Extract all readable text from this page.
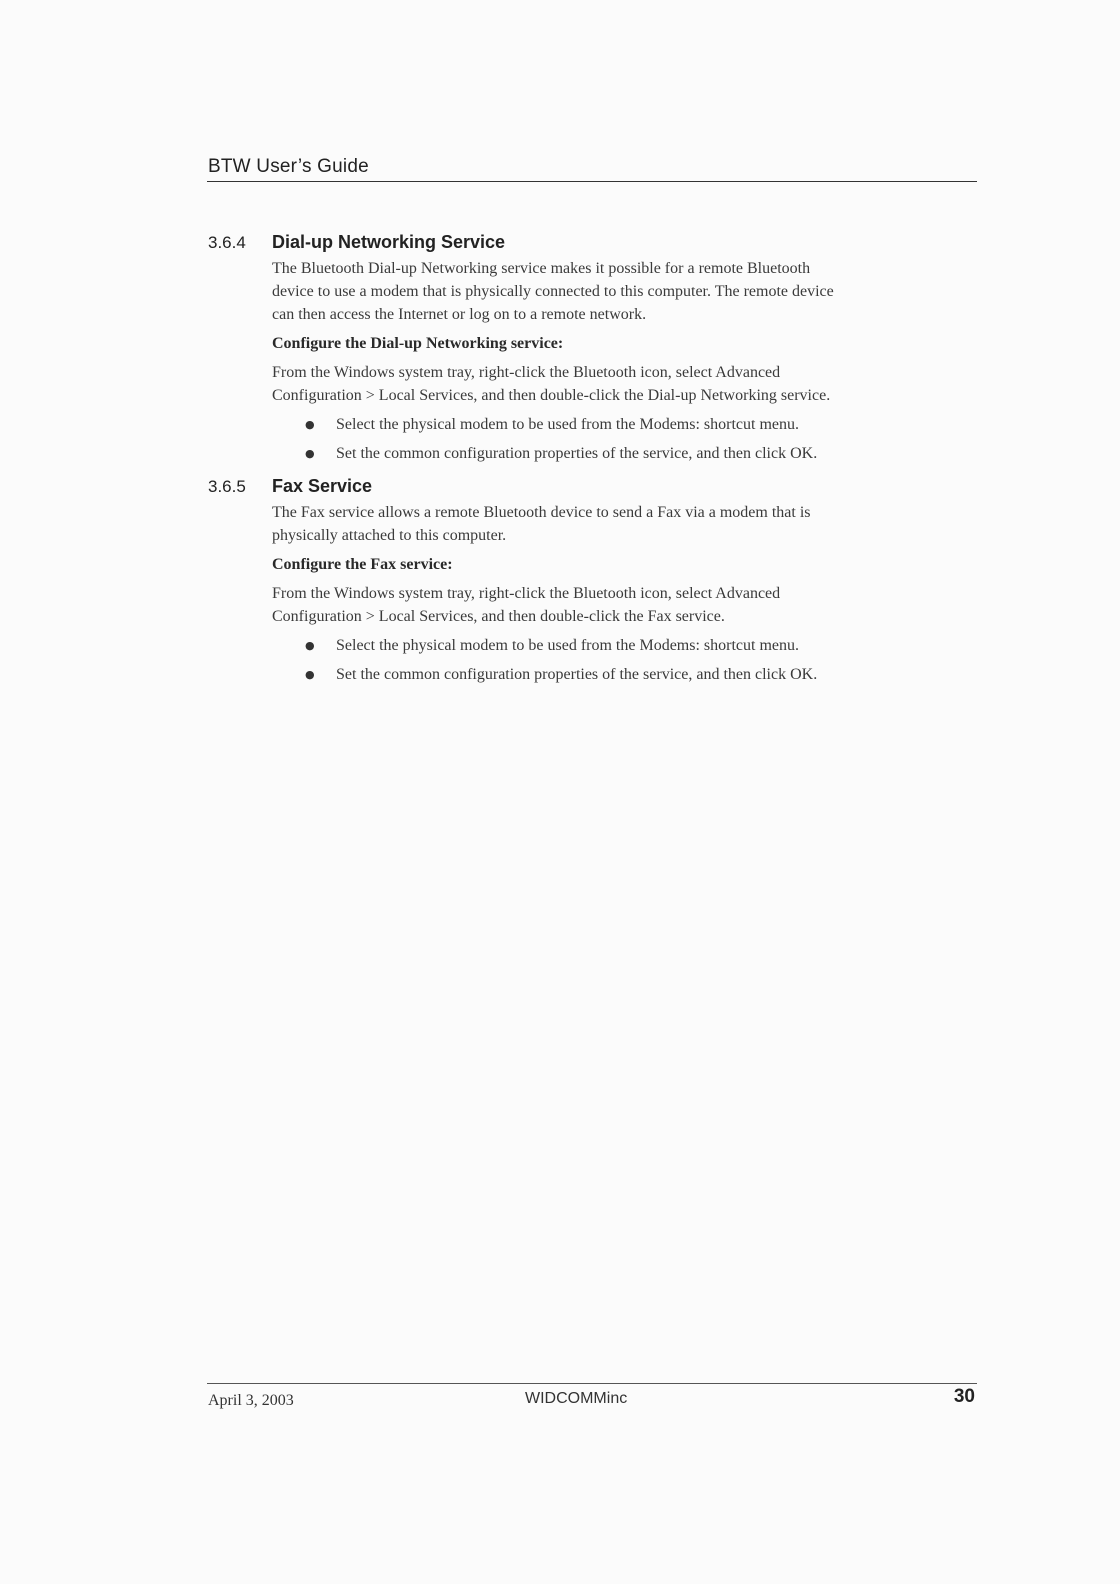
BTW User’s Guide
3.6.4 Dial-up Networking Service

The Bluetooth Dial-up Networking service makes it possible for a remote Bluetooth

device to use a modem that is physically connected to this computer. The remote device

can then access the Internet or log on to a remote network.

Configure the Dial-up Networking service:

From the Windows system tray, right-click the Bluetooth icon, select Advanced

Configuration > Local Services, and then double-click the Dial-up Networking service.

● Select the physical modem to be used from the Modems: shortcut menu.
● Set the common configuration properties of the service, and then click OK.
3.6.5 Fax Service

The Fax service allows a remote Bluetooth device to send a Fax via a modem that is

physically attached to this computer.

Configure the Fax service:

From the Windows system tray, right-click the Bluetooth icon, select Advanced

Configuration > Local Services, and then double-click the Fax service.

● Select the physical modem to be used from the Modems: shortcut menu.
● Set the common configuration properties of the service, and then click OK.
April 3, 2003	WIDCOMMinc	30
